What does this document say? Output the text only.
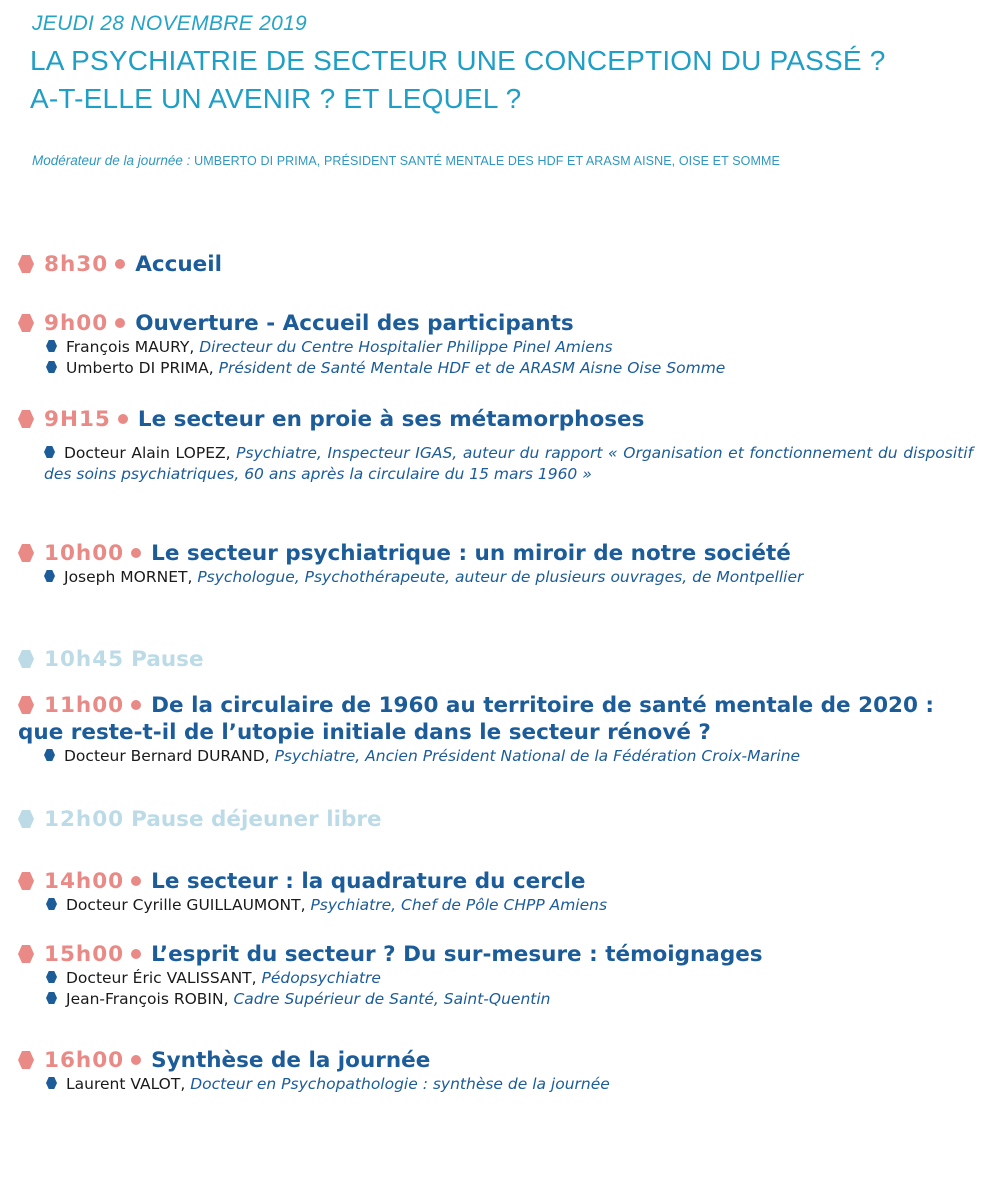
JEUDI 28 NOVEMBRE 2019
LA PSYCHIATRIE DE SECTEUR UNE CONCEPTION DU PASSÉ ?
A-T-ELLE UN AVENIR ? ET LEQUEL ?
Modérateur de la journée : UMBERTO DI PRIMA, PRÉSIDENT SANTÉ MENTALE DES HDF ET ARASM AISNE, OISE ET SOMME
8h30 Accueil
9h00 Ouverture - Accueil des participants
François MAURY, Directeur du Centre Hospitalier Philippe Pinel Amiens
Umberto DI PRIMA, Président de Santé Mentale HDF et de ARASM Aisne Oise Somme
9H15 Le secteur en proie à ses métamorphoses
Docteur Alain LOPEZ, Psychiatre, Inspecteur IGAS, auteur du rapport « Organisation et fonctionnement du dispositif des soins psychiatriques, 60 ans après la circulaire du 15 mars 1960 »
10h00 Le secteur psychiatrique : un miroir de notre société
Joseph MORNET, Psychologue, Psychothérapeute, auteur de plusieurs ouvrages, de Montpellier
10h45 Pause
11h00 De la circulaire de 1960 au territoire de santé mentale de 2020 : que reste-t-il de l’utopie initiale dans le secteur rénové ?
Docteur Bernard DURAND, Psychiatre, Ancien Président National de la Fédération Croix-Marine
12h00 Pause déjeuner libre
14h00 Le secteur : la quadrature du cercle
Docteur Cyrille GUILLAUMONT, Psychiatre, Chef de Pôle CHPP Amiens
15h00 L’esprit du secteur ? Du sur-mesure : témoignages
Docteur Éric VALISSANT, Pédopsychiatre
Jean-François ROBIN, Cadre Supérieur de Santé, Saint-Quentin
16h00 Synthèse de la journée
Laurent VALOT, Docteur en Psychopathologie : synthèse de la journée
